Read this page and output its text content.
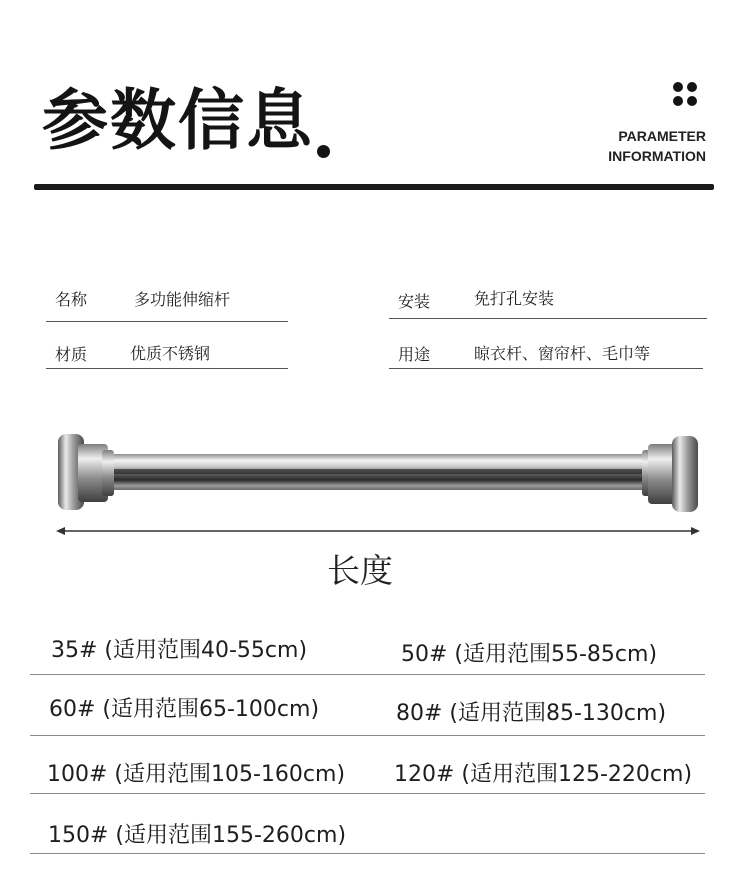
参数信息	PARAMETER
INFORMATION
名称	多功能伸缩杆	安装	免打孔安装
材质	优质不锈钢	用途	晾衣杆、窗帘杆、毛巾等
长度
35# (适用范围40-55cm)	50# (适用范围55-85cm)
60# (适用范围65-100cm)	80# (适用范围85-130cm)
100# (适用范围105-160cm) 120# (适用范围125-220cm)
150# (适用范围155-260cm)
